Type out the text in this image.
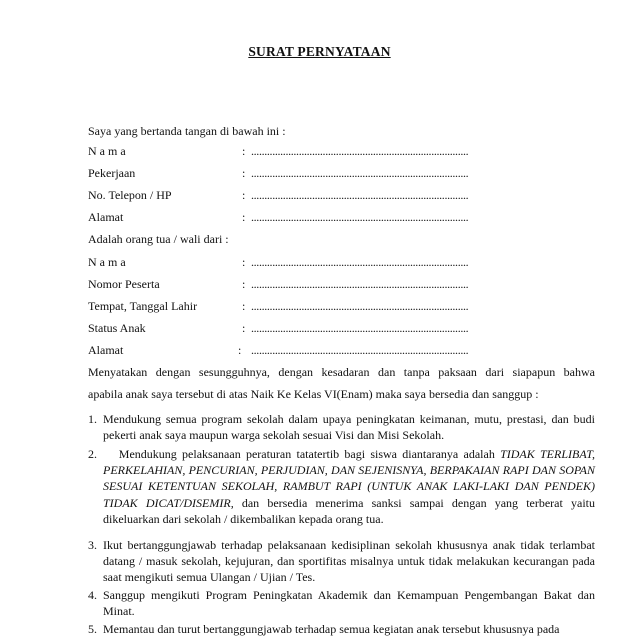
SURAT PERNYATAAN
Saya yang bertanda tangan di bawah ini :
N a m a	: ..................................................................................
Pekerjaan	: ..................................................................................
No. Telepon / HP	: ..................................................................................
Alamat	: ..................................................................................
Adalah orang tua / wali dari :
N a m a	: ..................................................................................
Nomor Peserta	: ..................................................................................
Tempat, Tanggal Lahir	: ..................................................................................
Status Anak	: ..................................................................................
Alamat	: ..................................................................................
Menyatakan dengan sesungguhnya, dengan kesadaran dan tanpa paksaan dari siapapun bahwa
apabila anak saya tersebut di atas Naik Ke Kelas VI(Enam) maka saya bersedia dan sanggup :
1. Mendukung semua program sekolah dalam upaya peningkatan keimanan, mutu, prestasi, dan budi pekerti anak saya maupun warga sekolah sesuai Visi dan Misi Sekolah.
2. Mendukung pelaksanaan peraturan tatatertib bagi siswa diantaranya adalah TIDAK TERLIBAT, PERKELAHIAN, PENCURIAN, PERJUDIAN, DAN SEJENISNYA, BERPAKAIAN RAPI DAN SOPAN SESUAI KETENTUAN SEKOLAH, RAMBUT RAPI (UNTUK ANAK LAKI-LAKI DAN PENDEK) TIDAK DICAT/DISEMIR, dan bersedia menerima sanksi sampai dengan yang terberat yaitu dikeluarkan dari sekolah / dikembalikan kepada orang tua.
3. Ikut bertanggungjawab terhadap pelaksanaan kedisiplinan sekolah khususnya anak tidak terlambat datang / masuk sekolah, kejujuran, dan sportifitas misalnya untuk tidak melakukan kecurangan pada saat mengikuti semua Ulangan / Ujian / Tes.
4. Sanggup mengikuti Program Peningkatan Akademik dan Kemampuan Pengembangan Bakat dan Minat.
5. Memantau dan turut bertanggungjawab terhadap semua kegiatan anak tersebut khususnya pada
